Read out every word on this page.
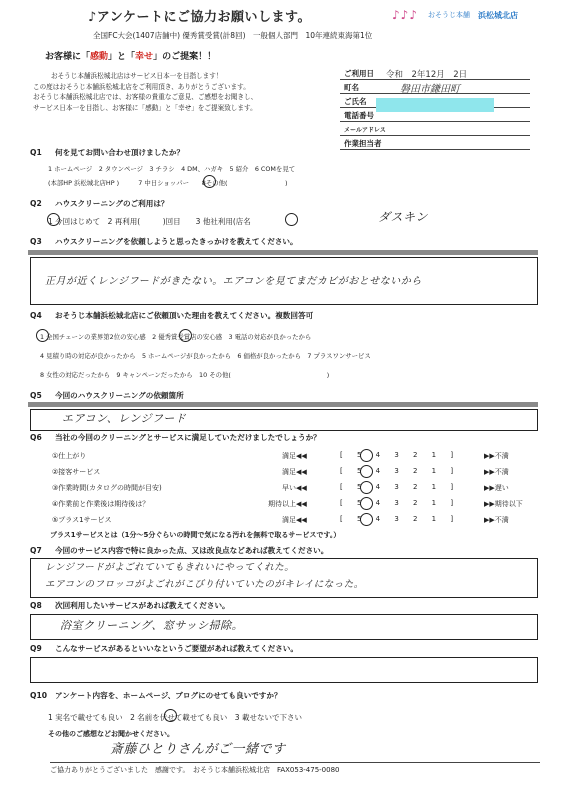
♪アンケートにご協力お願いします。	♪♪♪ おそうじ本舗 浜松城北店
全国FC大会(1407店舗中) 優秀賞受賞(計8回)　一般個人部門　10年連続東海第1位
お客様に「感動」と「幸せ」のご提案！！
おそうじ本舗浜松城北店はサービス日本一を目指します！
この度はおそうじ本舗浜松城北店をご利用頂き、ありがとうございます。
おそうじ本舗浜松城北店では、お客様の貴重なご意見、ご感想をお聞きし、
サービス日本一を目指し、お客様に「感動」と「幸せ」をご提案致します。
ご利用日 令和　2年12月　2日
町名	磐田市鎌田町
ご氏名
電話番号
メールアドレス
作業担当者
Q1 何を見てお問い合わせ頂けましたか？
1 ホームページ　2 タウンページ　3 チラシ　4 DM、ハガキ　5 紹介　6 COMを見て
(本部HP 浜松城北店HP )　　　7 中日ショッパー　　8その他(　　　　　　　　　)
Q2 ハウスクリーニングのご利用は？
1 今回はじめて　2 再利用(　　　)回目　　3 他社利用(店名	ダスキン
Q3 ハウスクリーニングを依頼しようと思ったきっかけを教えてください。
正月が近くレンジフードがきたない。エアコンを見てまだカビがおとせないから
Q4 おそうじ本舗浜松城北店にご依頼頂いた理由を教えてください。複数回答可
1 全国チェーンの業界第2位の安心感　2 優秀賞受賞店の安心感　3 電話の対応が良かったから
4 見積り時の対応が良かったから　5 ホームページが良かったから　6 価格が良かったから　7 プラスワンサービス
8 女性の対応だったから　9 キャンペーンだったから　10 その他(　　　　　　　　　　　　　　　)
Q5 今回のハウスクリーニングの依頼箇所
エアコン、レンジフード
Q6 当社の今回のクリーニングとサービスに満足していただけましたでしょうか？
①仕上がり	満足◀◀	[ 5 4 3 2 1 ]	▶▶不満
②接客サービス	満足◀◀	[ 5 4 3 2 1 ]	▶▶不満
③作業時間(カタログの時間が目安)	早い◀◀	[ 5 4 3 2 1 ]	▶▶遅い
④作業前と作業後は期待後は？	期待以上◀◀	[ 5 4 3 2 1 ]	▶▶期待以下
⑤プラス1サービス	満足◀◀	[ 5 4 3 2 1 ]	▶▶不満
プラス1サービスとは（1分～5分ぐらいの時間で気になる汚れを無料で取るサービスです。）
Q7 今回のサービス内容で特に良かった点、又は改良点などあれば教えてください。
レンジフードがよごれていてもきれいにやってくれた。
エアコンのフロッコがよごれがこびり付いていたのがキレイになった。
Q8 次回利用したいサービスがあれば教えてください。
浴室クリーニング、窓サッシ掃除。
Q9 こんなサービスがあるといいなというご要望があれば教えてください。
Q10 アンケート内容を、ホームページ、ブログにのせても良いですか？
1 実名で載せても良い　2 名前を伏せて載せても良い　3 載せないで下さい
その他のご感想などお聞かせください。
斎藤ひとりさんがご一緒です
ご協力ありがとうございました　感謝です。　おそうじ本舗浜松城北店　FAX053-475-0080
